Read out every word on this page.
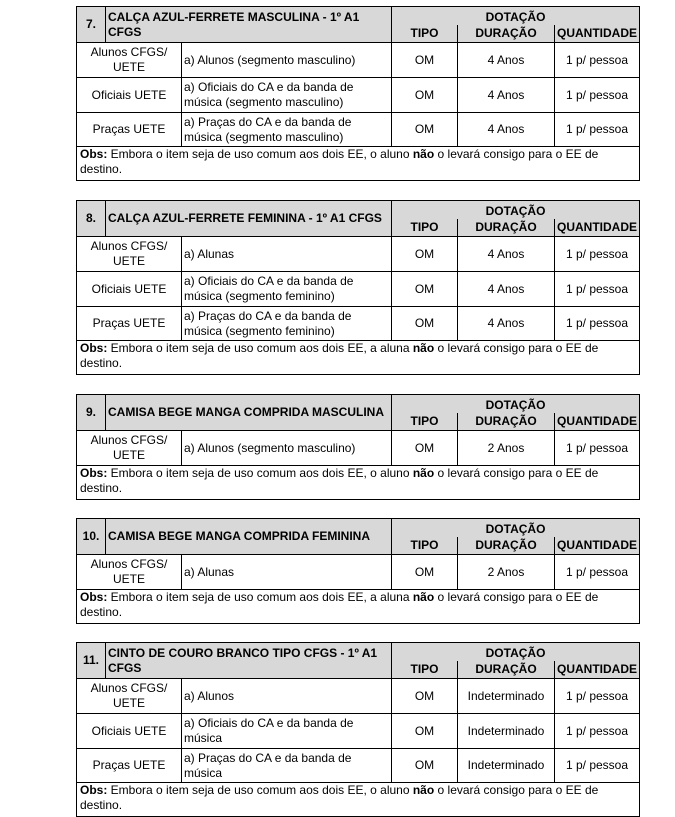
7.	CALÇA AZUL-FERRETE MASCULINA - 1º A1 CFGS		DOTAÇÃO		
			TIPO	DURAÇÃO	QUANTIDADE
Alunos CFGS/ UETE		a) Alunos (segmento masculino)	OM	4 Anos	1 p/ pessoa
Oficiais UETE		a) Oficiais do CA e da banda de música (segmento masculino)	OM	4 Anos	1 p/ pessoa
Praças UETE		a) Praças do CA e da banda de música (segmento masculino)	OM	4 Anos	1 p/ pessoa
Obs: Embora o item seja de uso comum aos dois EE, o aluno não o levará consigo para o EE de destino.					
8.	CALÇA AZUL-FERRETE FEMININA - 1º A1 CFGS		DOTAÇÃO		
			TIPO	DURAÇÃO	QUANTIDADE
Alunos CFGS/ UETE		a) Alunas	OM	4 Anos	1 p/ pessoa
Oficiais UETE		a) Oficiais do CA e da banda de música (segmento feminino)	OM	4 Anos	1 p/ pessoa
Praças UETE		a) Praças do CA e da banda de música (segmento feminino)	OM	4 Anos	1 p/ pessoa
Obs: Embora o item seja de uso comum aos dois EE, a aluna não o levará consigo para o EE de destino.					
9.	CAMISA BEGE MANGA COMPRIDA MASCULINA		DOTAÇÃO		
			TIPO	DURAÇÃO	QUANTIDADE
Alunos CFGS/ UETE		a) Alunos (segmento masculino)	OM	2 Anos	1 p/ pessoa
Obs: Embora o item seja de uso comum aos dois EE, o aluno não o levará consigo para o EE de destino.					
10.	CAMISA BEGE MANGA COMPRIDA FEMININA		DOTAÇÃO		
			TIPO	DURAÇÃO	QUANTIDADE
Alunos CFGS/ UETE		a) Alunas	OM	2 Anos	1 p/ pessoa
Obs: Embora o item seja de uso comum aos dois EE, a aluna não o levará consigo para o EE de destino.					
11.	CINTO DE COURO BRANCO TIPO CFGS - 1º A1 CFGS		DOTAÇÃO		
			TIPO	DURAÇÃO	QUANTIDADE
Alunos CFGS/ UETE		a) Alunos	OM	Indeterminado	1 p/ pessoa
Oficiais UETE		a) Oficiais do CA e da banda de música	OM	Indeterminado	1 p/ pessoa
Praças UETE		a) Praças do CA e da banda de música	OM	Indeterminado	1 p/ pessoa
Obs: Embora o item seja de uso comum aos dois EE, o aluno não o levará consigo para o EE de destino.					
